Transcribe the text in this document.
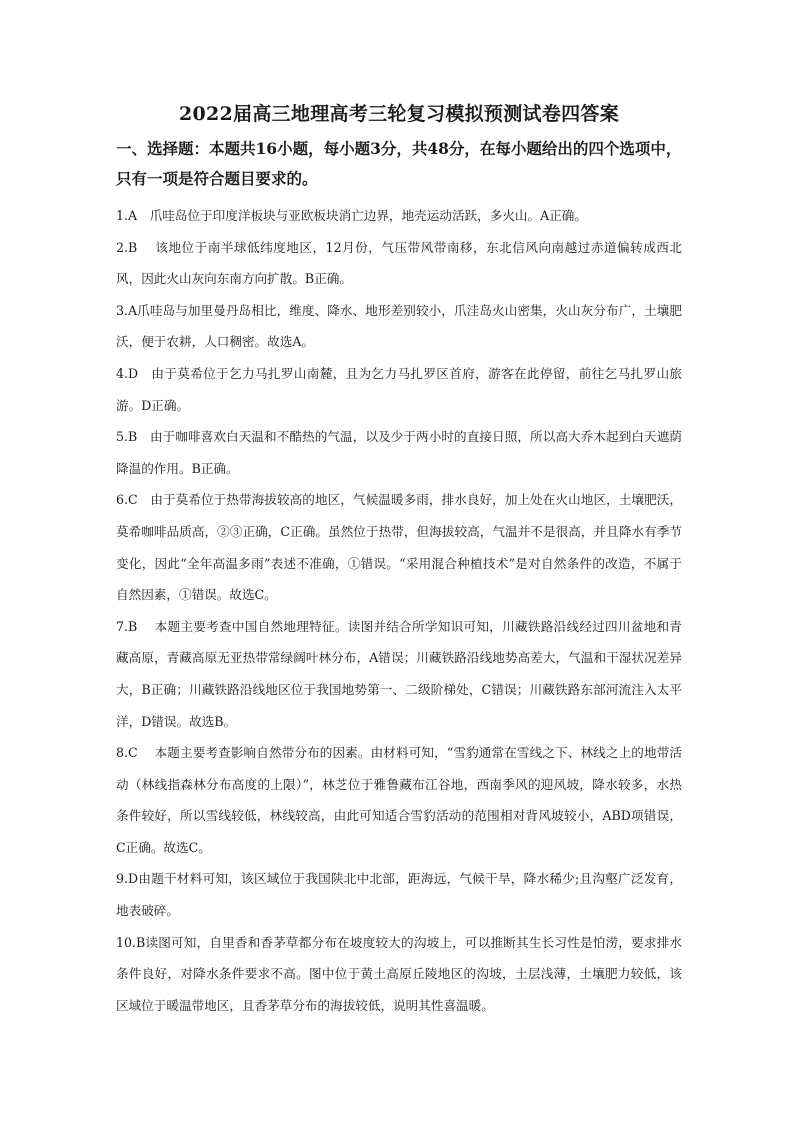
2022届高三地理高考三轮复习模拟预测试卷四答案
一、选择题：本题共16小题，每小题3分，共48分，在每小题给出的四个选项中，只有一项是符合题目要求的。

1.A　爪哇岛位于印度洋板块与亚欧板块消亡边界，地壳运动活跃，多火山。A正确。

2.B　 该地位于南半球低纬度地区，12月份，气压带风带南移，东北信风向南越过赤道偏转成西北风，因此火山灰向东南方向扩散。B正确。

3.A爪哇岛与加里曼丹岛相比，维度、降水、地形差别较小，爪洼岛火山密集，火山灰分布广，土壤肥沃，便于农耕，人口稠密。故选A。

4.D　由于莫希位于乞力马扎罗山南麓，且为乞力马扎罗区首府，游客在此停留，前往乞马扎罗山旅游。D正确。

5.B　由于咖啡喜欢白天温和不酷热的气温，以及少于两小时的直接日照，所以高大乔木起到白天遮荫降温的作用。B正确。

6.C　由于莫希位于热带海拔较高的地区，气候温暖多雨，排水良好，加上处在火山地区，土壤肥沃，莫希咖啡品质高，②③正确，C正确。虽然位于热带，但海拔较高，气温并不是很高，并且降水有季节变化，因此“全年高温多雨”表述不准确，①错误。“采用混合种植技术”是对自然条件的改造，不属于自然因素，①错误。故选C。

7.B　 本题主要考查中国自然地理特征。读图并结合所学知识可知，川藏铁路沿线经过四川盆地和青藏高原，青藏高原无亚热带常绿阔叶林分布，A错误；川藏铁路沿线地势高差大，气温和干湿状况差异大，B正确；川藏铁路沿线地区位于我国地势第一、二级阶梯处，C错误；川藏铁路东部河流注入太平洋，D错误。故选B。

8.C　 本题主要考查影响自然带分布的因素。由材料可知，“雪豹通常在雪线之下、林线之上的地带活动（林线指森林分布高度的上限）”，林芝位于雅鲁藏布江谷地，西南季风的迎风坡，降水较多，水热条件较好，所以雪线较低，林线较高，由此可知适合雪豹活动的范围相对背风坡较小，ABD项错误，C正确。故选C。

9.D由题干材料可知，该区域位于我国陕北中北部，距海远，气候干旱，降水稀少;且沟壑广泛发育，地表破碎。

10.B读图可知，自里香和香茅草都分布在坡度较大的沟坡上，可以推断其生长习性是怕涝，要求排水条件良好，对降水条件要求不高。图中位于黄土高原丘陵地区的沟坡，土层浅薄，土壤肥力较低，该区域位于暖温带地区，且香茅草分布的海拔较低，说明其性喜温暖。
